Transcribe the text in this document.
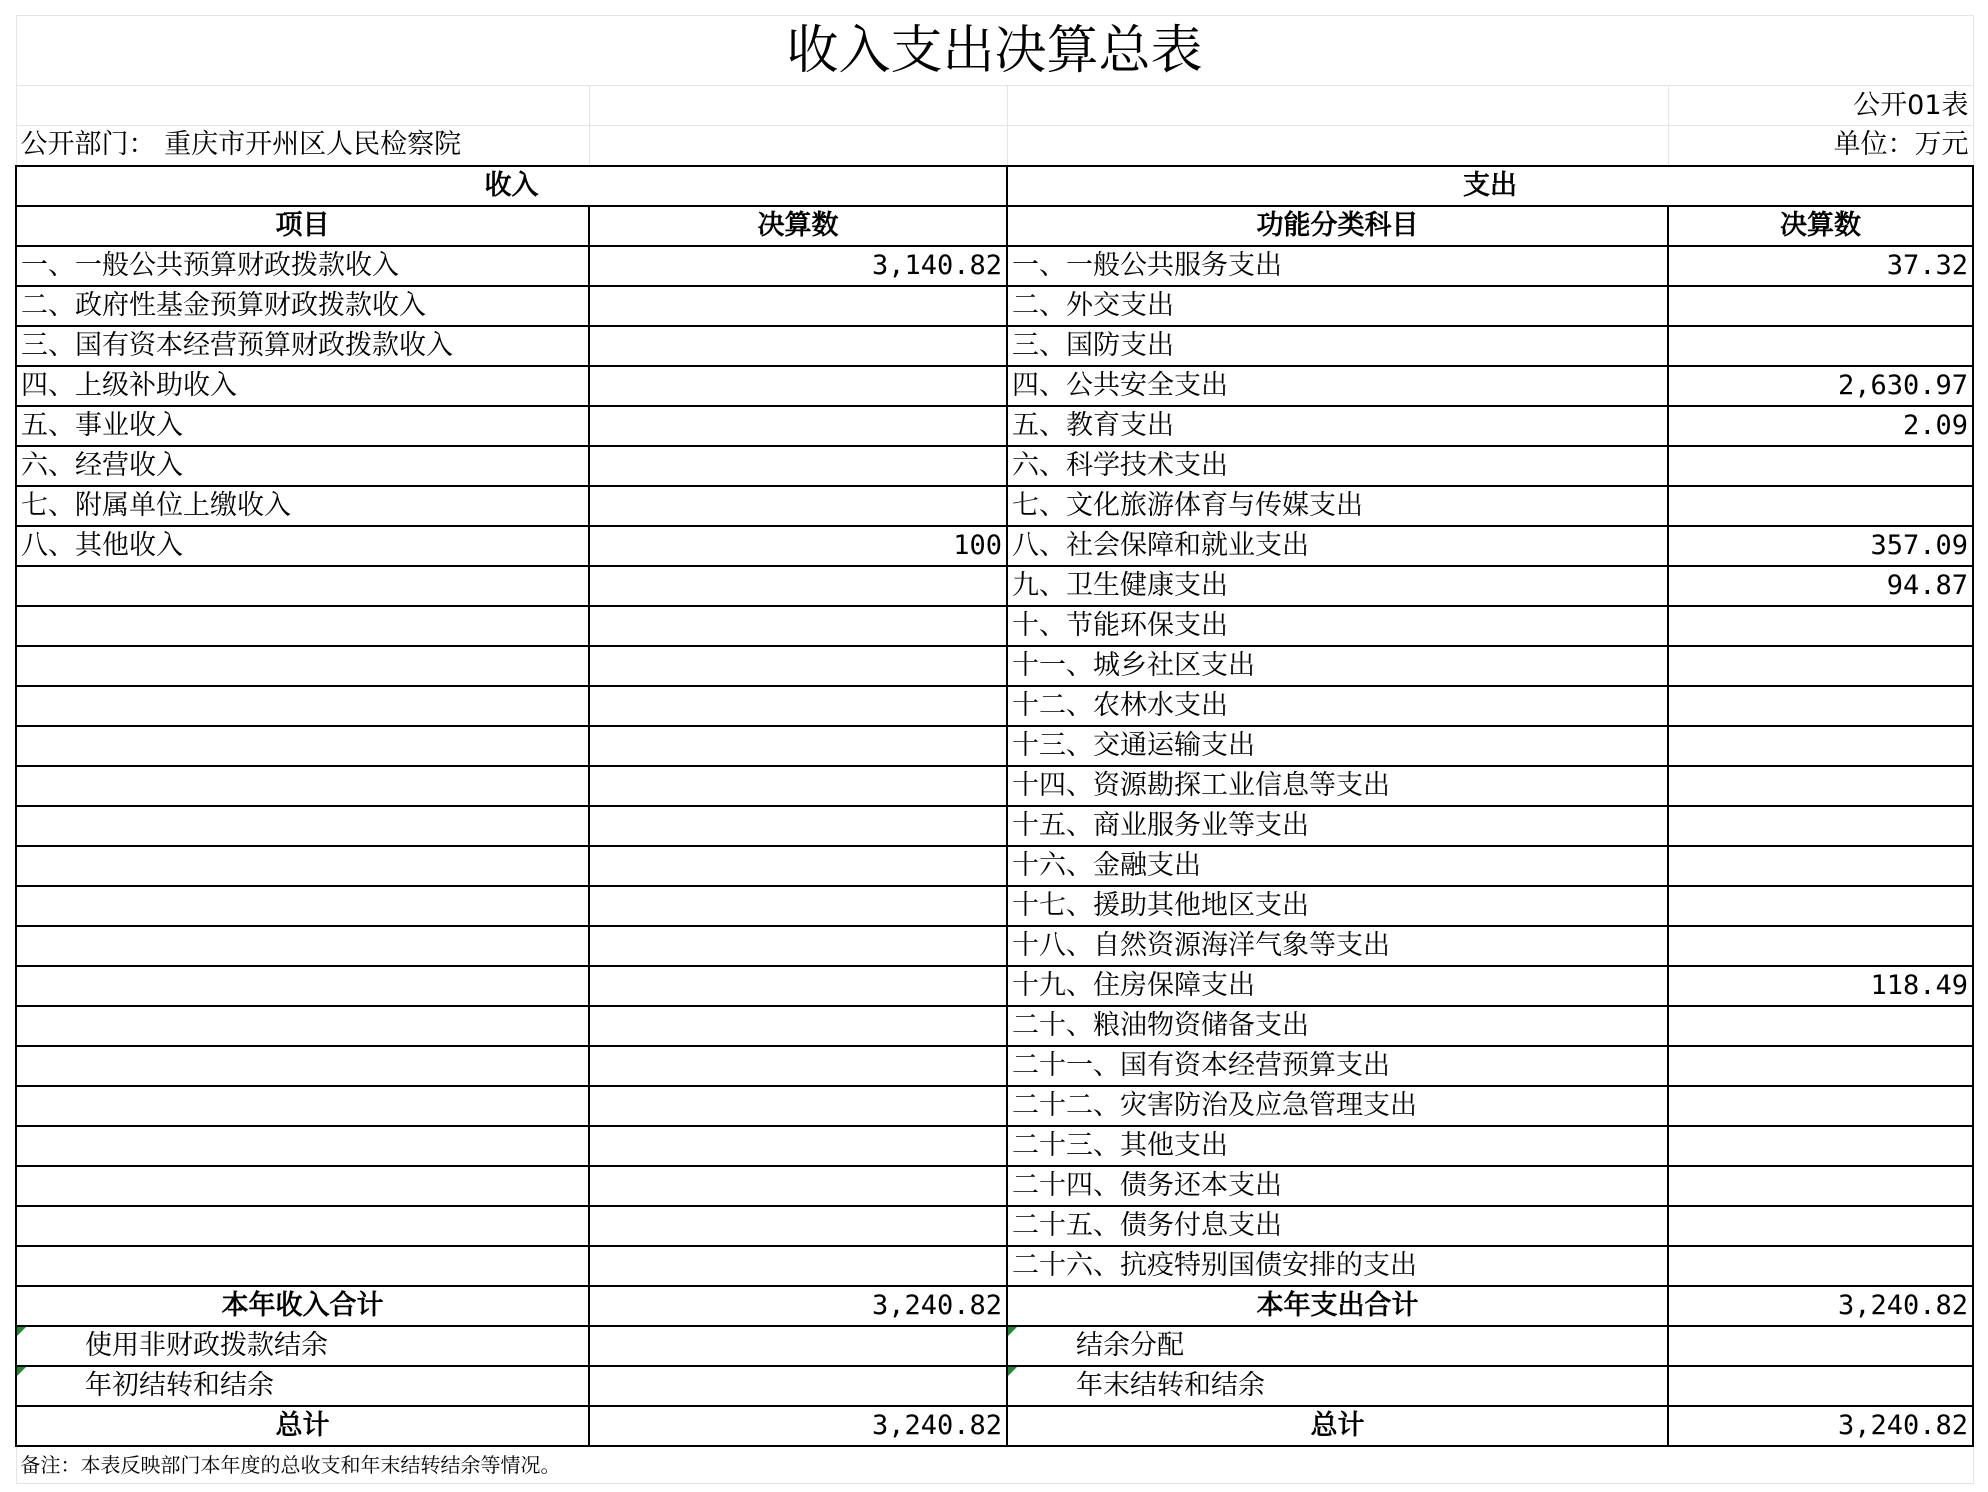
收入支出决算总表			
			公开01表
公开部门： 重庆市开州区人民检察院			单位：万元
收入		支出	
项目	决算数	功能分类科目	决算数
一、一般公共预算财政拨款收入	3,140.82	一、一般公共服务支出	37.32
二、政府性基金预算财政拨款收入		二、外交支出	
三、国有资本经营预算财政拨款收入		三、国防支出	
四、上级补助收入		四、公共安全支出	2,630.97
五、事业收入		五、教育支出	2.09
六、经营收入		六、科学技术支出	
七、附属单位上缴收入		七、文化旅游体育与传媒支出	
八、其他收入	100	八、社会保障和就业支出	357.09
		九、卫生健康支出	94.87
		十、节能环保支出	
		十一、城乡社区支出	
		十二、农林水支出	
		十三、交通运输支出	
		十四、资源勘探工业信息等支出	
		十五、商业服务业等支出	
		十六、金融支出	
		十七、援助其他地区支出	
		十八、自然资源海洋气象等支出	
		十九、住房保障支出	118.49
		二十、粮油物资储备支出	
		二十一、国有资本经营预算支出	
		二十二、灾害防治及应急管理支出	
		二十三、其他支出	
		二十四、债务还本支出	
		二十五、债务付息支出	
		二十六、抗疫特别国债安排的支出	
本年收入合计	3,240.82	本年支出合计	3,240.82

使用非财政拨款结余		结余分配	

年初结转和结余		年末结转和结余	
总计	3,240.82	总计	3,240.82
备注：本表反映部门本年度的总收支和年末结转结余等情况。			
